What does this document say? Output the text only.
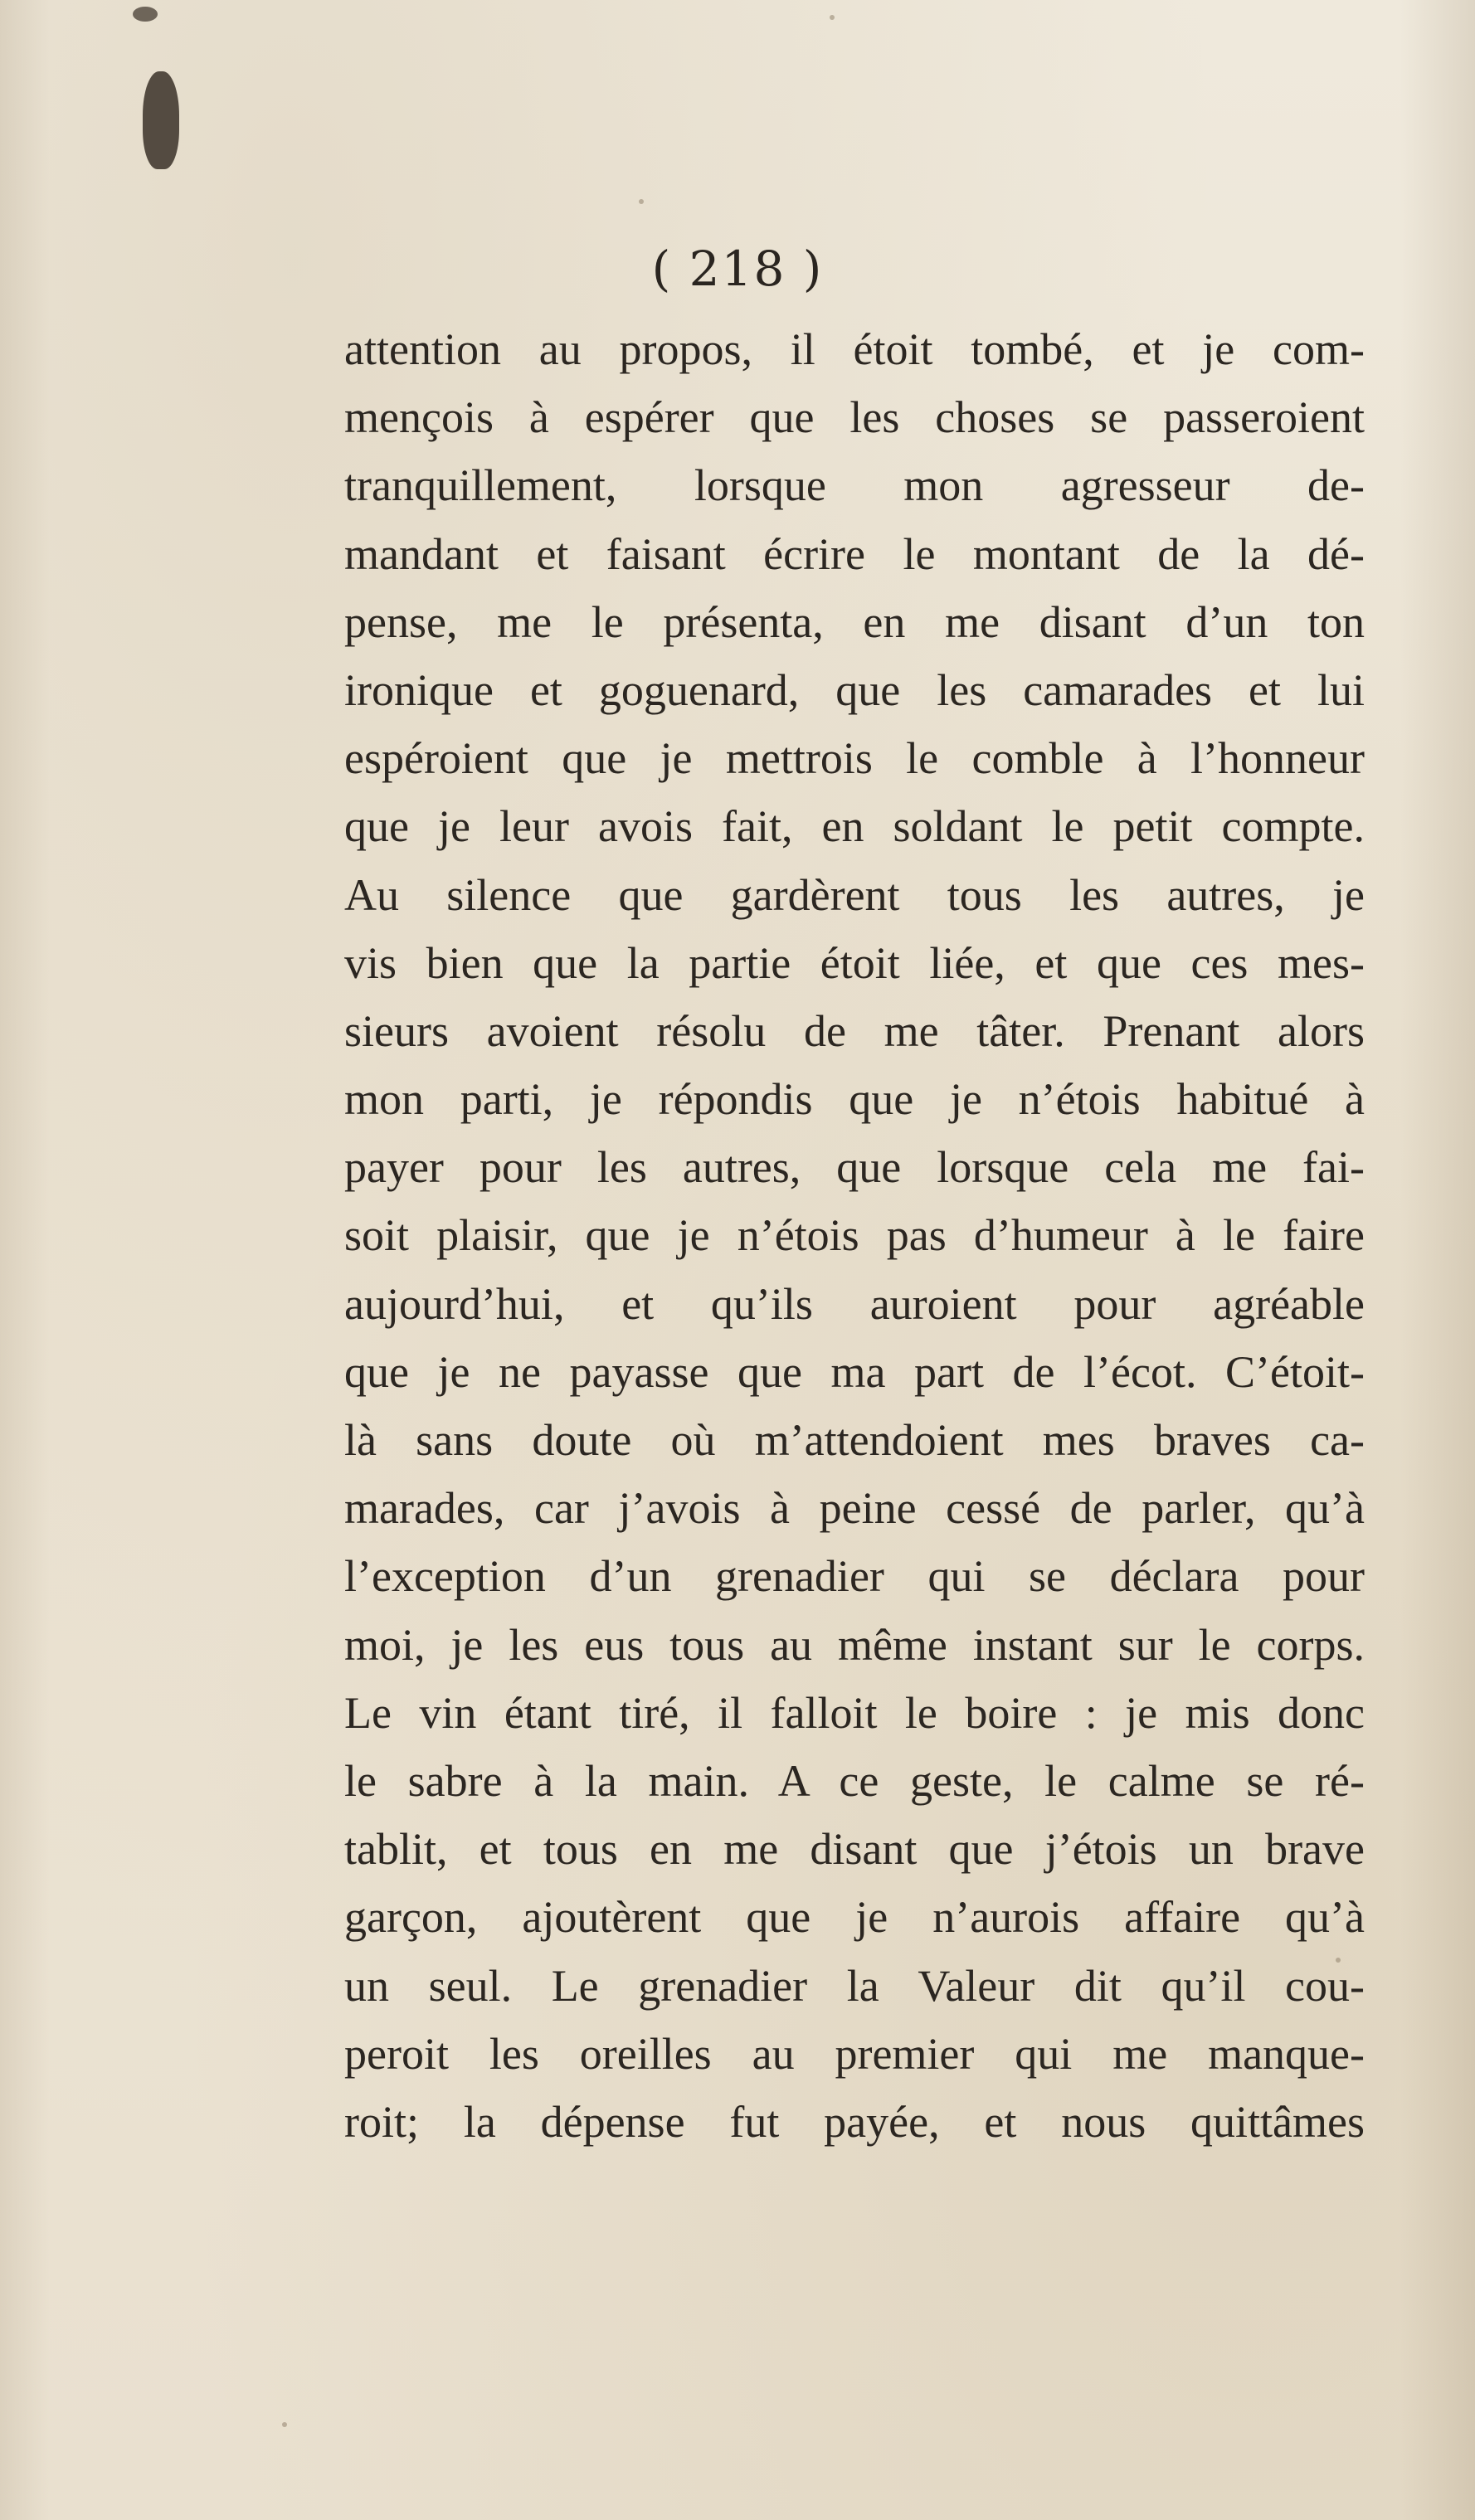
( 218 )
attention au propos, il étoit tombé, et je com-
mençois à espérer que les choses se passeroient
tranquillement, lorsque mon agresseur de-
mandant et faisant écrire le montant de la dé-
pense, me le présenta, en me disant d’un ton
ironique et goguenard, que les camarades et lui
espéroient que je mettrois le comble à l’honneur
que je leur avois fait, en soldant le petit compte.
Au silence que gardèrent tous les autres, je
vis bien que la partie étoit liée, et que ces mes-
sieurs avoient résolu de me tâter. Prenant alors
mon parti, je répondis que je n’étois habitué à
payer pour les autres, que lorsque cela me fai-
soit plaisir, que je n’étois pas d’humeur à le faire
aujourd’hui, et qu’ils auroient pour agréable
que je ne payasse que ma part de l’écot. C’étoit-
là sans doute où m’attendoient mes braves ca-
marades, car j’avois à peine cessé de parler, qu’à
l’exception d’un grenadier qui se déclara pour
moi, je les eus tous au même instant sur le corps.
Le vin étant tiré, il falloit le boire : je mis donc
le sabre à la main. A ce geste, le calme se ré-
tablit, et tous en me disant que j’étois un brave
garçon, ajoutèrent que je n’aurois affaire qu’à
un seul. Le grenadier la Valeur dit qu’il cou-
peroit les oreilles au premier qui me manque-
roit; la dépense fut payée, et nous quittâmes
